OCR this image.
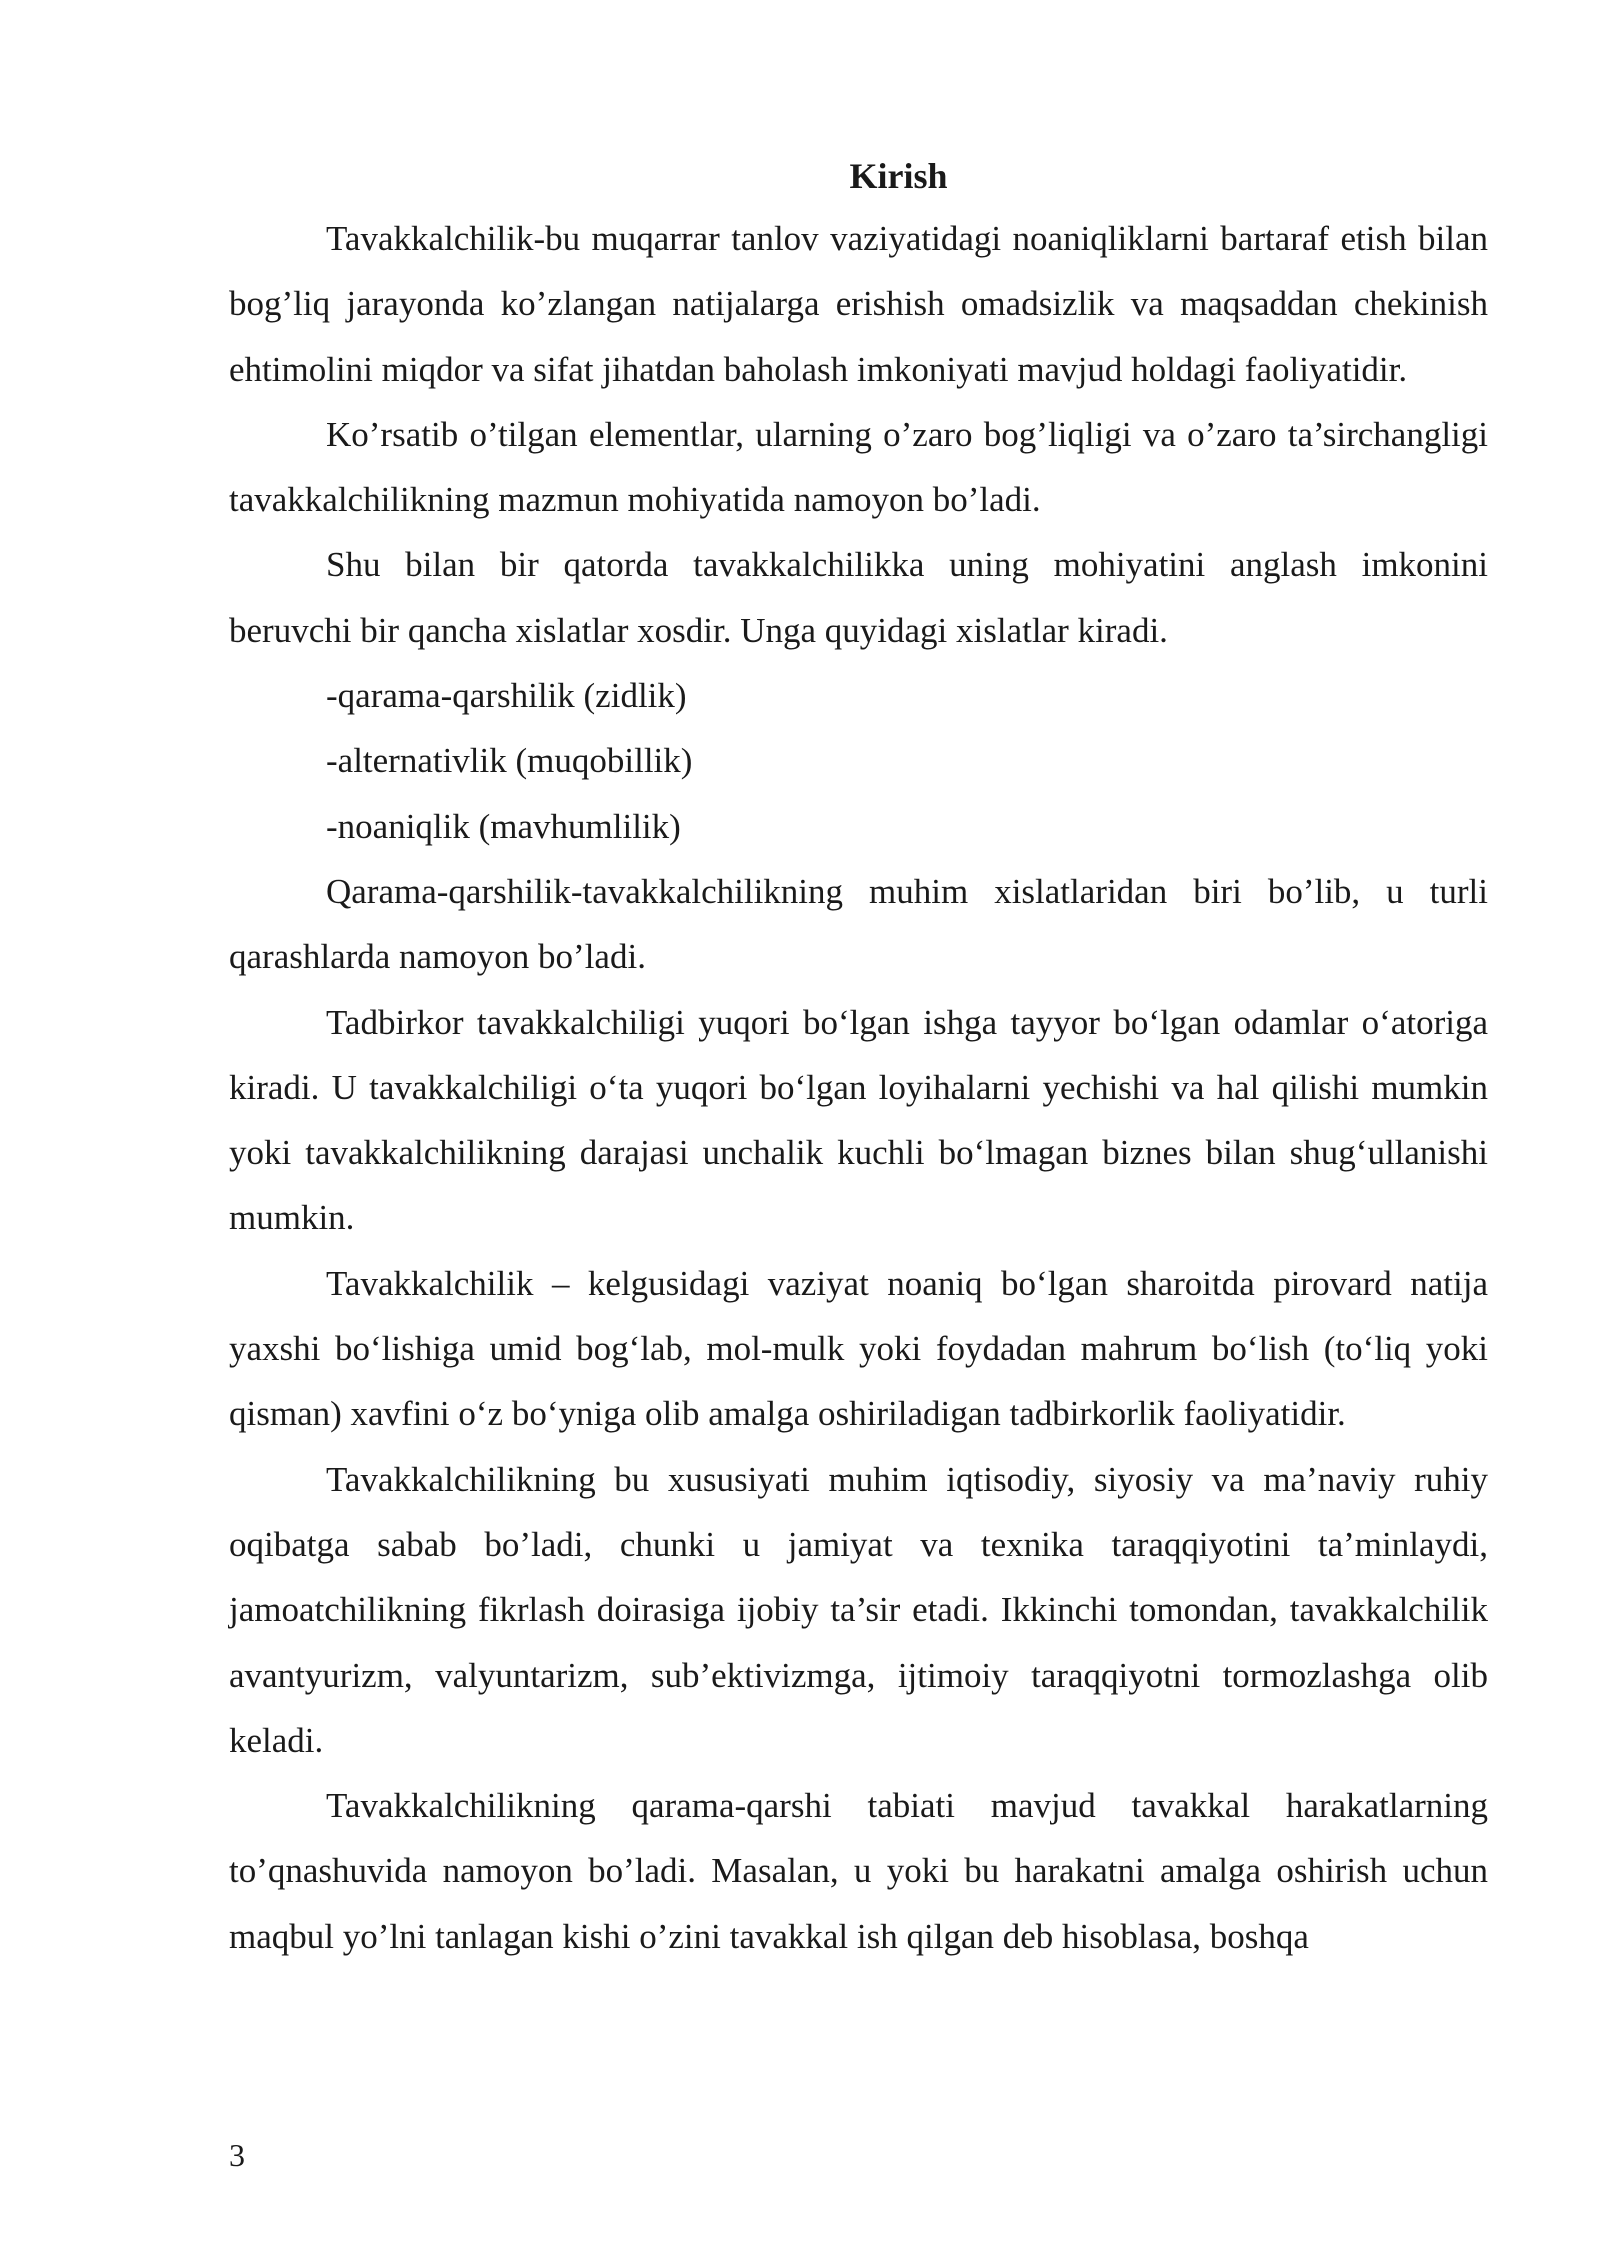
Kirish

Tavakkalchilik-bu muqarrar tanlov vaziyatidagi noaniqliklarni bartaraf etish bilan bog’liq jarayonda ko’zlangan natijalarga erishish omadsizlik va maqsaddan chekinish ehtimolini miqdor va sifat jihatdan baholash imkoniyati mavjud holdagi faoliyatidir.

Ko’rsatib o’tilgan elementlar, ularning o’zaro bog’liqligi va o’zaro ta’sirchangligi tavakkalchilikning mazmun mohiyatida namoyon bo’ladi.

Shu bilan bir qatorda tavakkalchilikka uning mohiyatini anglash imkonini beruvchi bir qancha xislatlar xosdir. Unga quyidagi xislatlar kiradi.

-qarama-qarshilik (zidlik)

-alternativlik (muqobillik)

-noaniqlik (mavhumlilik)

Qarama-qarshilik-tavakkalchilikning muhim xislatlaridan biri bo’lib, u turli qarashlarda namoyon bo’ladi.

Tadbirkor tavakkalchiligi yuqori bo‘lgan ishga tayyor bo‘lgan odamlar o‘atoriga kiradi. U tavakkalchiligi o‘ta yuqori bo‘lgan loyihalarni yechishi va hal qilishi mumkin yoki tavakkalchilikning darajasi unchalik kuchli bo‘lmagan biznes bilan shug‘ullanishi mumkin.

Tavakkalchilik – kelgusidagi vaziyat noaniq bo‘lgan sharoitda pirovard natija yaxshi bo‘lishiga umid bog‘lab, mol-mulk yoki foydadan mahrum bo‘lish (to‘liq yoki qisman) xavfini o‘z bo‘yniga olib amalga oshiriladigan tadbirkorlik faoliyatidir.

Tavakkalchilikning bu xususiyati muhim iqtisodiy, siyosiy va ma’naviy ruhiy oqibatga sabab bo’ladi, chunki u jamiyat va texnika taraqqiyotini ta’minlaydi, jamoatchilikning fikrlash doirasiga ijobiy ta’sir etadi. Ikkinchi tomondan, tavakkalchilik avantyurizm, valyuntarizm, sub’ektivizmga, ijtimoiy taraqqiyotni tormozlashga olib keladi.

Tavakkalchilikning qarama-qarshi tabiati mavjud tavakkal harakatlarning to’qnashuvida namoyon bo’ladi. Masalan, u yoki bu harakatni amalga oshirish uchun maqbul yo’lni tanlagan kishi o’zini tavakkal ish qilgan deb hisoblasa, boshqa

3
